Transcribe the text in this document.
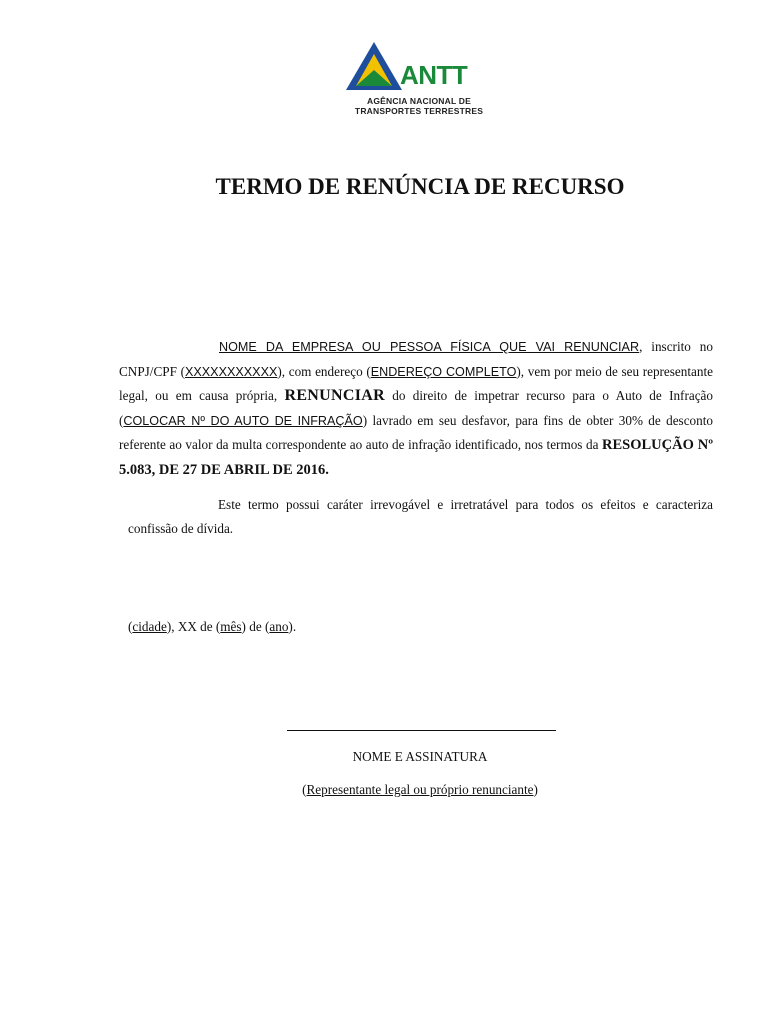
ANTT
AGÊNCIA NACIONAL DE
TRANSPORTES TERRESTRES
TERMO DE RENÚNCIA DE RECURSO
NOME DA EMPRESA OU PESSOA FÍSICA QUE VAI RENUNCIAR, inscrito no CNPJ/CPF (XXXXXXXXXXX), com endereço (ENDEREÇO COMPLETO), vem por meio de seu representante legal, ou em causa própria, RENUNCIAR do direito de impetrar recurso para o Auto de Infração (COLOCAR Nº DO AUTO DE INFRAÇÃO) lavrado em seu desfavor, para fins de obter 30% de desconto referente ao valor da multa correspondente ao auto de infração identificado, nos termos da RESOLUÇÃO Nº 5.083, DE 27 DE ABRIL DE 2016.
Este termo possui caráter irrevogável e irretratável para todos os efeitos e caracteriza confissão de dívida.
(cidade), XX de (mês) de (ano).
NOME E ASSINATURA
(Representante legal ou próprio renunciante)
